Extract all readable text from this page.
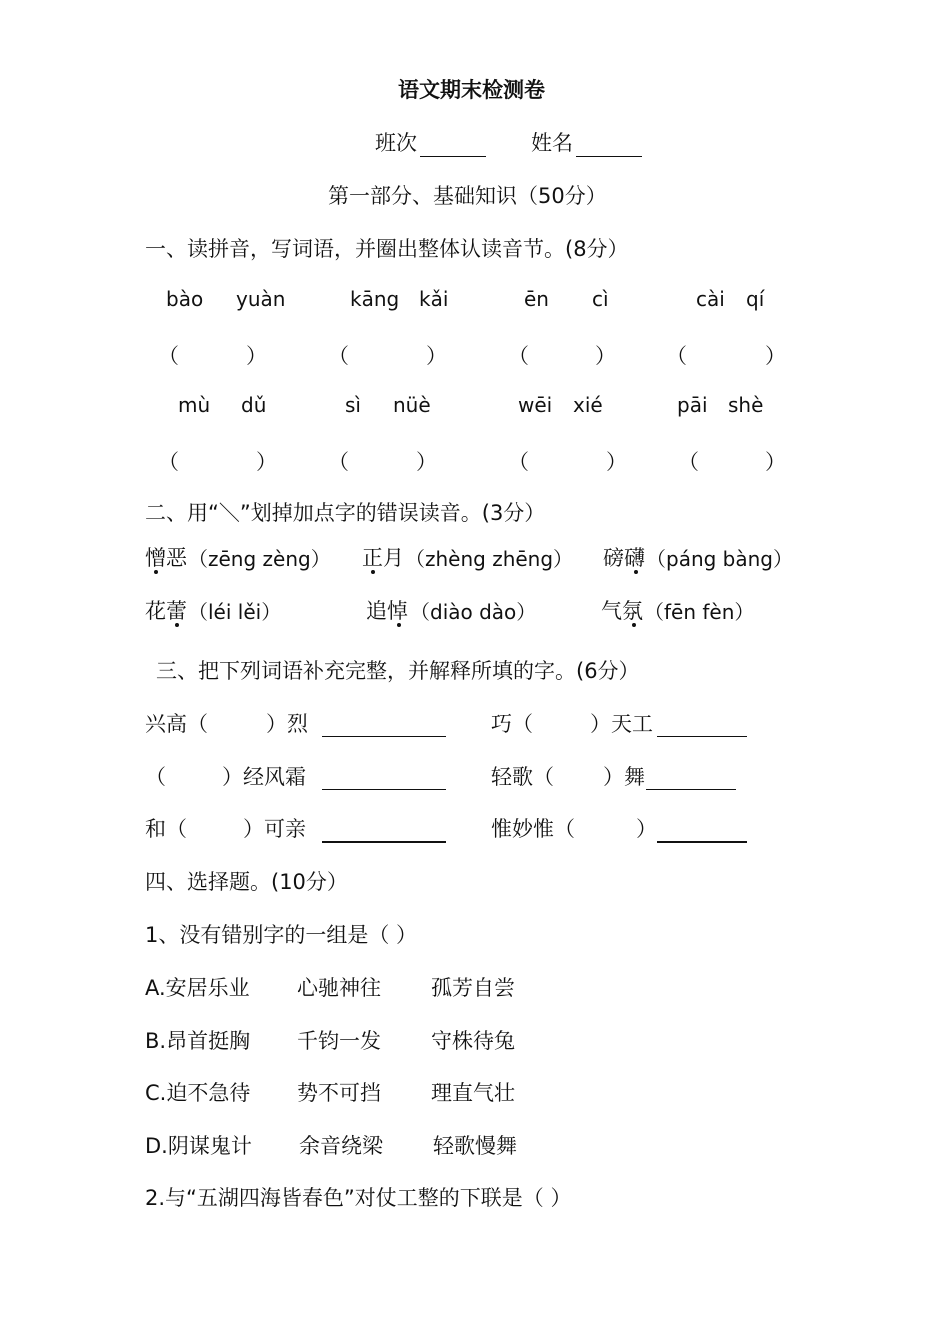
语文期末检测卷
班次	姓名
第一部分、基础知识（50分）
一、读拼音，写词语，并圈出整体认读音节。(8分）
bào yuàn	kāng kǎi	ēn cì	cài qí
（	）	（	）	（	） （	）
mù dǔ	sì nüè	wēi xié	pāi shè
（	） （	）	（	） （	）
二、用“＼”划掉加点字的错误读音。(3分）
憎恶 （zēng zèng） 正月 （zhèng zhēng） 磅礴 （páng bàng）
花蕾 （léi lěi）	追悼 （diào dào）	气氛 （fēn fèn）
三、把下列词语补充完整，并解释所填的字。(6分）
兴高（	）烈	巧（	）天工
（	）经风霜	轻歌（ ）舞
和（	）可亲	惟妙惟（	）
四、选择题。(10分）
1、没有错别字的一组是（ ）
A.安居乐业 心驰神往 孤芳自尝
B.昂首挺胸 千钧一发 守株待兔
C.迫不急待 势不可挡 理直气壮
D.阴谋鬼计 余音绕梁 轻歌慢舞
2.与“五湖四海皆春色”对仗工整的下联是（ ）
